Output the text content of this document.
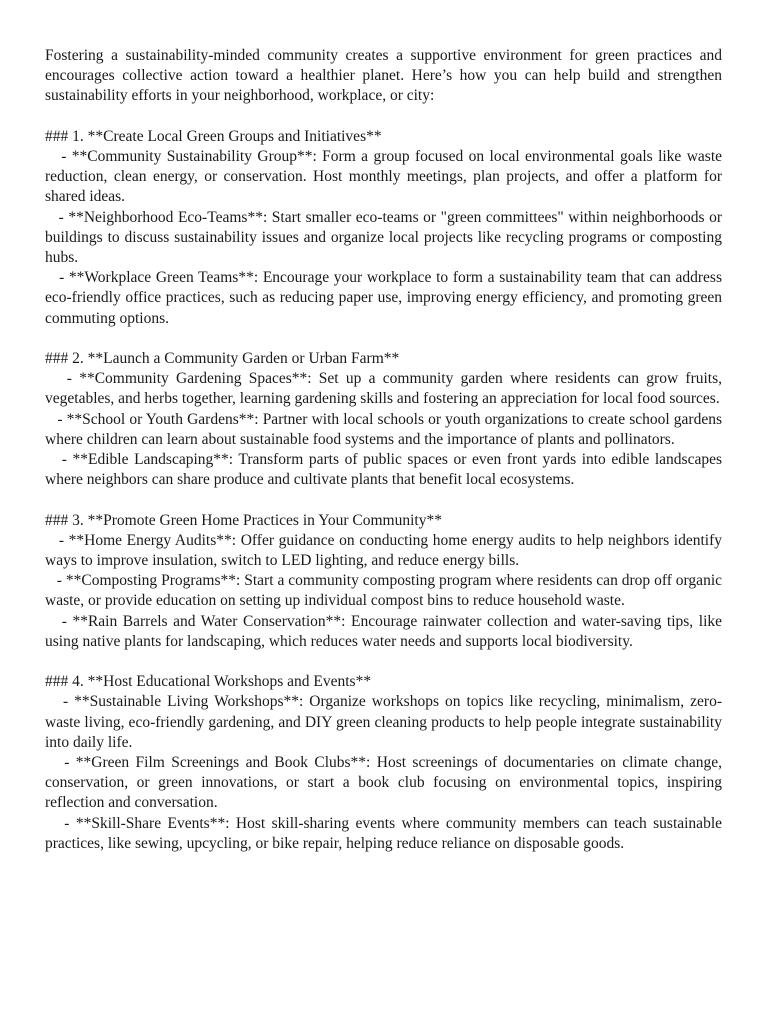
Fostering a sustainability-minded community creates a supportive environment for green practices and encourages collective action toward a healthier planet. Here’s how you can help build and strengthen sustainability efforts in your neighborhood, workplace, or city:

### 1. **Create Local Green Groups and Initiatives**

- **Community Sustainability Group**: Form a group focused on local environmental goals like waste reduction, clean energy, or conservation. Host monthly meetings, plan projects, and offer a platform for shared ideas.

- **Neighborhood Eco-Teams**: Start smaller eco-teams or "green committees" within neighborhoods or buildings to discuss sustainability issues and organize local projects like recycling programs or composting hubs.

- **Workplace Green Teams**: Encourage your workplace to form a sustainability team that can address eco-friendly office practices, such as reducing paper use, improving energy efficiency, and promoting green commuting options.

### 2. **Launch a Community Garden or Urban Farm**

- **Community Gardening Spaces**: Set up a community garden where residents can grow fruits, vegetables, and herbs together, learning gardening skills and fostering an appreciation for local food sources.

- **School or Youth Gardens**: Partner with local schools or youth organizations to create school gardens where children can learn about sustainable food systems and the importance of plants and pollinators.

- **Edible Landscaping**: Transform parts of public spaces or even front yards into edible landscapes where neighbors can share produce and cultivate plants that benefit local ecosystems.

### 3. **Promote Green Home Practices in Your Community**

- **Home Energy Audits**: Offer guidance on conducting home energy audits to help neighbors identify ways to improve insulation, switch to LED lighting, and reduce energy bills.

- **Composting Programs**: Start a community composting program where residents can drop off organic waste, or provide education on setting up individual compost bins to reduce household waste.

- **Rain Barrels and Water Conservation**: Encourage rainwater collection and water-saving tips, like using native plants for landscaping, which reduces water needs and supports local biodiversity.

### 4. **Host Educational Workshops and Events**

- **Sustainable Living Workshops**: Organize workshops on topics like recycling, minimalism, zero-waste living, eco-friendly gardening, and DIY green cleaning products to help people integrate sustainability into daily life.

- **Green Film Screenings and Book Clubs**: Host screenings of documentaries on climate change, conservation, or green innovations, or start a book club focusing on environmental topics, inspiring reflection and conversation.

- **Skill-Share Events**: Host skill-sharing events where community members can teach sustainable practices, like sewing, upcycling, or bike repair, helping reduce reliance on disposable goods.
